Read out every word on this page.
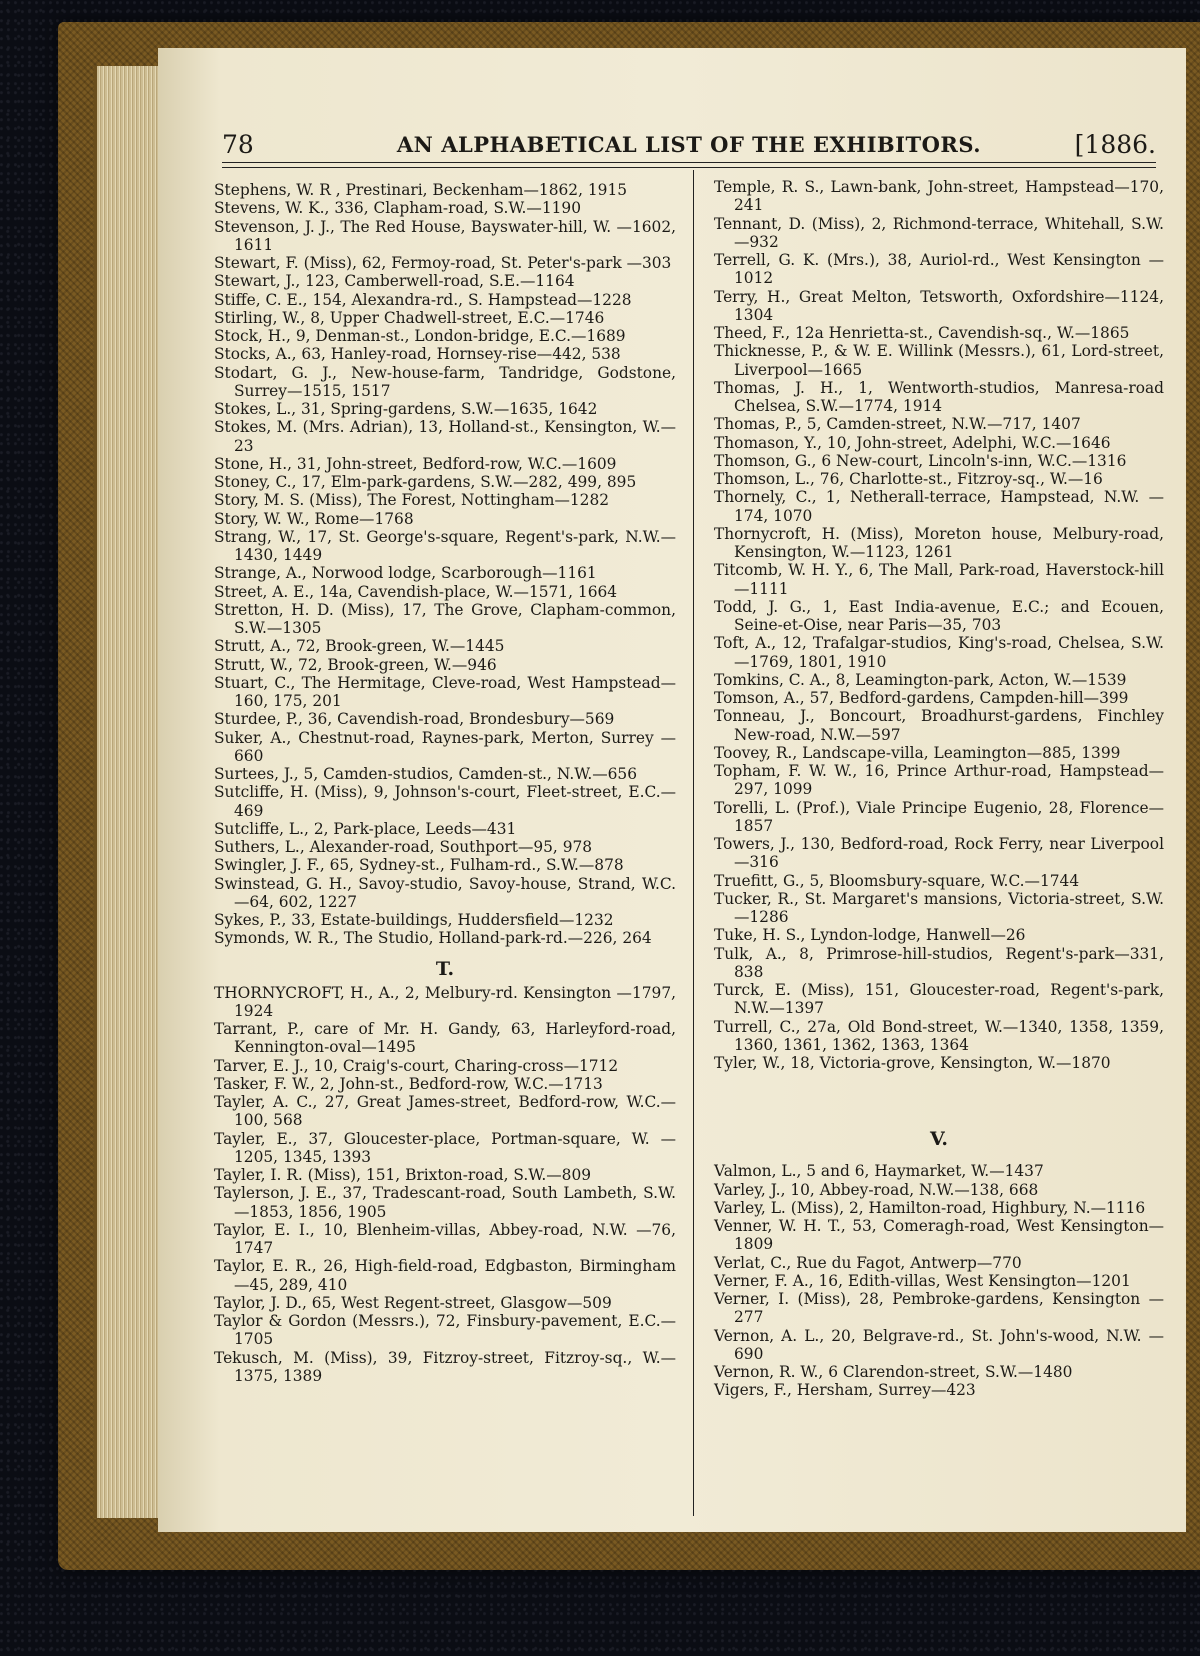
78	AN ALPHABETICAL LIST OF THE EXHIBITORS.	[1886.
Stephens, W. R , Prestinari, Beckenham—1862, 1915
Stevens, W. K., 336, Clapham-road, S.W.—1190
Stevenson, J. J., The Red House, Bayswater-hill, W. —1602, 1611
Stewart, F. (Miss), 62, Fermoy-road, St. Peter's-park —303
Stewart, J., 123, Camberwell-road, S.E.—1164
Stiffe, C. E., 154, Alexandra-rd., S. Hampstead—1228
Stirling, W., 8, Upper Chadwell-street, E.C.—1746
Stock, H., 9, Denman-st., London-bridge, E.C.—1689
Stocks, A., 63, Hanley-road, Hornsey-rise—442, 538
Stodart, G. J., New-house-farm, Tandridge, Godstone, Surrey—1515, 1517
Stokes, L., 31, Spring-gardens, S.W.—1635, 1642
Stokes, M. (Mrs. Adrian), 13, Holland-st., Kensington, W.—23
Stone, H., 31, John-street, Bedford-row, W.C.—1609
Stoney, C., 17, Elm-park-gardens, S.W.—282, 499, 895
Story, M. S. (Miss), The Forest, Nottingham—1282
Story, W. W., Rome—1768
Strang, W., 17, St. George's-square, Regent's-park, N.W.—1430, 1449
Strange, A., Norwood lodge, Scarborough—1161
Street, A. E., 14a, Cavendish-place, W.—1571, 1664
Stretton, H. D. (Miss), 17, The Grove, Clapham-common, S.W.—1305
Strutt, A., 72, Brook-green, W.—1445
Strutt, W., 72, Brook-green, W.—946
Stuart, C., The Hermitage, Cleve-road, West Hampstead—160, 175, 201
Sturdee, P., 36, Cavendish-road, Brondesbury—569
Suker, A., Chestnut-road, Raynes-park, Merton, Surrey —660
Surtees, J., 5, Camden-studios, Camden-st., N.W.—656
Sutcliffe, H. (Miss), 9, Johnson's-court, Fleet-street, E.C.—469
Sutcliffe, L., 2, Park-place, Leeds—431
Suthers, L., Alexander-road, Southport—95, 978
Swingler, J. F., 65, Sydney-st., Fulham-rd., S.W.—878
Swinstead, G. H., Savoy-studio, Savoy-house, Strand, W.C.—64, 602, 1227
Sykes, P., 33, Estate-buildings, Huddersfield—1232
Symonds, W. R., The Studio, Holland-park-rd.—226, 264
T.
THORNYCROFT, H., A., 2, Melbury-rd. Kensington —1797, 1924
Tarrant, P., care of Mr. H. Gandy, 63, Harleyford-road, Kennington-oval—1495
Tarver, E. J., 10, Craig's-court, Charing-cross—1712
Tasker, F. W., 2, John-st., Bedford-row, W.C.—1713
Tayler, A. C., 27, Great James-street, Bedford-row, W.C.—100, 568
Tayler, E., 37, Gloucester-place, Portman-square, W. —1205, 1345, 1393
Tayler, I. R. (Miss), 151, Brixton-road, S.W.—809
Taylerson, J. E., 37, Tradescant-road, South Lambeth, S.W.—1853, 1856, 1905
Taylor, E. I., 10, Blenheim-villas, Abbey-road, N.W. —76, 1747
Taylor, E. R., 26, High-field-road, Edgbaston, Birmingham—45, 289, 410
Taylor, J. D., 65, West Regent-street, Glasgow—509
Taylor & Gordon (Messrs.), 72, Finsbury-pavement, E.C.—1705
Tekusch, M. (Miss), 39, Fitzroy-street, Fitzroy-sq., W.—1375, 1389
Temple, R. S., Lawn-bank, John-street, Hampstead—170, 241
Tennant, D. (Miss), 2, Richmond-terrace, Whitehall, S.W.—932
Terrell, G. K. (Mrs.), 38, Auriol-rd., West Kensington —1012
Terry, H., Great Melton, Tetsworth, Oxfordshire—1124, 1304
Theed, F., 12a Henrietta-st., Cavendish-sq., W.—1865
Thicknesse, P., & W. E. Willink (Messrs.), 61, Lord-street, Liverpool—1665
Thomas, J. H., 1, Wentworth-studios, Manresa-road Chelsea, S.W.—1774, 1914
Thomas, P., 5, Camden-street, N.W.—717, 1407
Thomason, Y., 10, John-street, Adelphi, W.C.—1646
Thomson, G., 6 New-court, Lincoln's-inn, W.C.—1316
Thomson, L., 76, Charlotte-st., Fitzroy-sq., W.—16
Thornely, C., 1, Netherall-terrace, Hampstead, N.W. —174, 1070
Thornycroft, H. (Miss), Moreton house, Melbury-road, Kensington, W.—1123, 1261
Titcomb, W. H. Y., 6, The Mall, Park-road, Haverstock-hill—1111
Todd, J. G., 1, East India-avenue, E.C.; and Ecouen, Seine-et-Oise, near Paris—35, 703
Toft, A., 12, Trafalgar-studios, King's-road, Chelsea, S.W.—1769, 1801, 1910
Tomkins, C. A., 8, Leamington-park, Acton, W.—1539
Tomson, A., 57, Bedford-gardens, Campden-hill—399
Tonneau, J., Boncourt, Broadhurst-gardens, Finchley New-road, N.W.—597
Toovey, R., Landscape-villa, Leamington—885, 1399
Topham, F. W. W., 16, Prince Arthur-road, Hampstead—297, 1099
Torelli, L. (Prof.), Viale Principe Eugenio, 28, Florence—1857
Towers, J., 130, Bedford-road, Rock Ferry, near Liverpool—316
Truefitt, G., 5, Bloomsbury-square, W.C.—1744
Tucker, R., St. Margaret's mansions, Victoria-street, S.W.—1286
Tuke, H. S., Lyndon-lodge, Hanwell—26
Tulk, A., 8, Primrose-hill-studios, Regent's-park—331, 838
Turck, E. (Miss), 151, Gloucester-road, Regent's-park, N.W.—1397
Turrell, C., 27a, Old Bond-street, W.—1340, 1358, 1359, 1360, 1361, 1362, 1363, 1364
Tyler, W., 18, Victoria-grove, Kensington, W.—1870
V.
Valmon, L., 5 and 6, Haymarket, W.—1437
Varley, J., 10, Abbey-road, N.W.—138, 668
Varley, L. (Miss), 2, Hamilton-road, Highbury, N.—1116
Venner, W. H. T., 53, Comeragh-road, West Kensington—1809
Verlat, C., Rue du Fagot, Antwerp—770
Verner, F. A., 16, Edith-villas, West Kensington—1201
Verner, I. (Miss), 28, Pembroke-gardens, Kensington —277
Vernon, A. L., 20, Belgrave-rd., St. John's-wood, N.W. —690
Vernon, R. W., 6 Clarendon-street, S.W.—1480
Vigers, F., Hersham, Surrey—423
